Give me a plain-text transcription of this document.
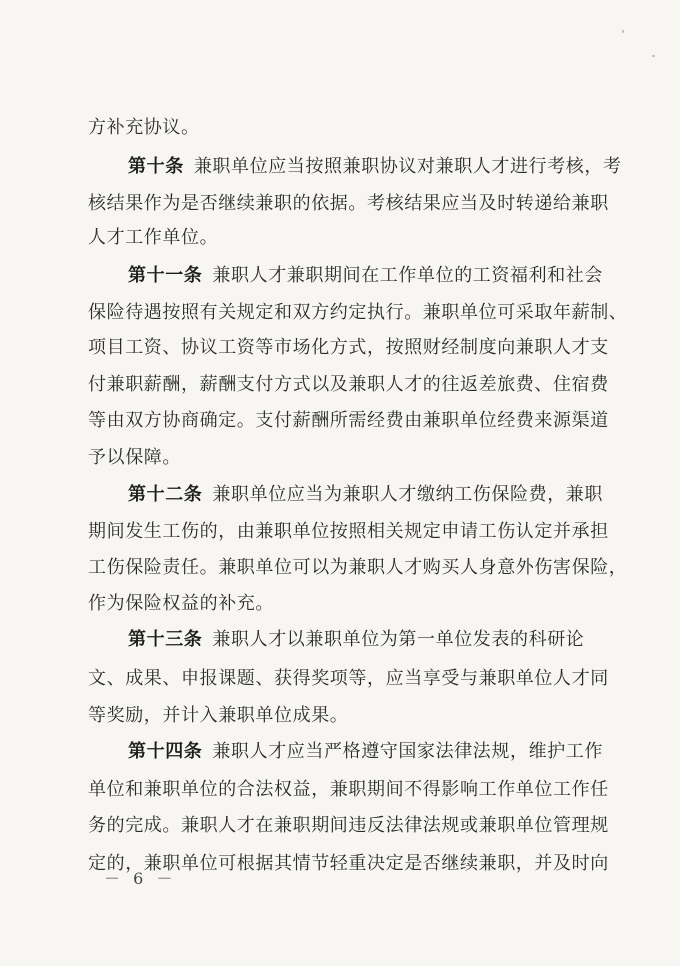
方补充协议。
第十条 兼职单位应当按照兼职协议对兼职人才进行考核，考
核结果作为是否继续兼职的依据。考核结果应当及时转递给兼职
人才工作单位。
第十一条 兼职人才兼职期间在工作单位的工资福利和社会
保险待遇按照有关规定和双方约定执行。兼职单位可采取年薪制、
项目工资、协议工资等市场化方式，按照财经制度向兼职人才支
付兼职薪酬，薪酬支付方式以及兼职人才的往返差旅费、住宿费
等由双方协商确定。支付薪酬所需经费由兼职单位经费来源渠道
予以保障。
第十二条 兼职单位应当为兼职人才缴纳工伤保险费，兼职
期间发生工伤的，由兼职单位按照相关规定申请工伤认定并承担
工伤保险责任。兼职单位可以为兼职人才购买人身意外伤害保险，
作为保险权益的补充。
第十三条 兼职人才以兼职单位为第一单位发表的科研论
文、成果、申报课题、获得奖项等，应当享受与兼职单位人才同
等奖励，并计入兼职单位成果。
第十四条 兼职人才应当严格遵守国家法律法规，维护工作
单位和兼职单位的合法权益，兼职期间不得影响工作单位工作任
务的完成。兼职人才在兼职期间违反法律法规或兼职单位管理规
定的，兼职单位可根据其情节轻重决定是否继续兼职，并及时向
－ 6 －
